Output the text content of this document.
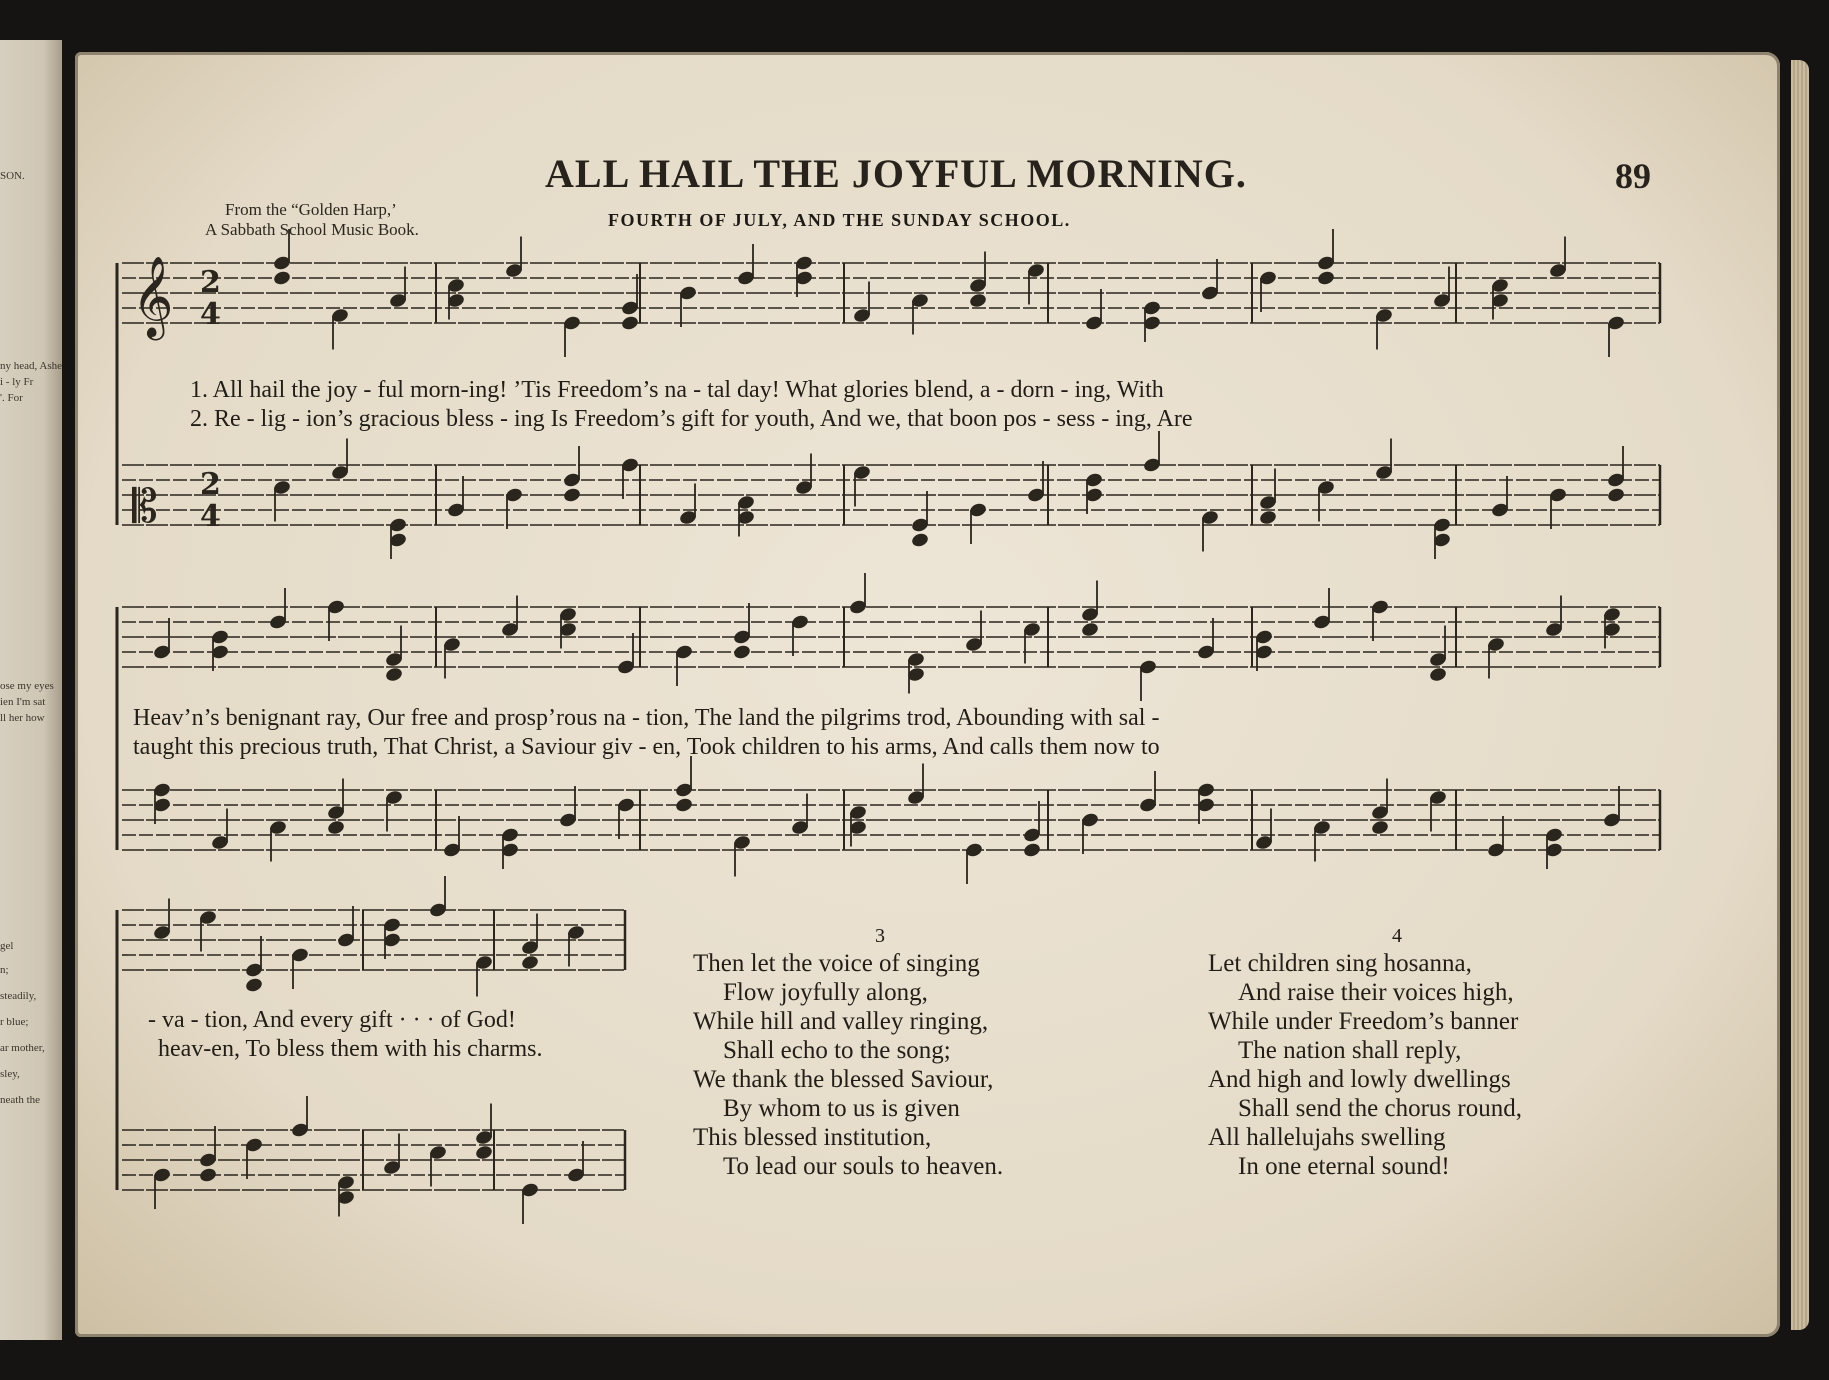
SON.
ny head, Ashe
i - ly Fr
'. For
ose my eyes
ien I'm sat
ll her how
gel
n;
steadily,
r blue;
ar mother,
sley,
neath the
ALL HAIL THE JOYFUL MORNING.	89
From the “Golden Harp,’
A Sabbath School Music Book.	FOURTH OF JULY, AND THE SUNDAY SCHOOL.
𝄞
𝄡
2
4
2
4
1. All hail the joy - ful morn-ing! ’Tis Freedom’s na - tal day! What glories blend, a - dorn - ing, With
2. Re - lig - ion’s gracious bless - ing Is Freedom’s gift for youth, And we, that boon pos - sess - ing, Are
Heav’n’s benignant ray, Our free and prosp’rous na - tion, The land the pilgrims trod, Abounding with sal -
taught this precious truth, That Christ, a Saviour giv - en, Took children to his arms, And calls them now to
- va - tion, And every gift · · · of God!
heav-en, To bless them with his charms.
3
Then let the voice of singing
Flow joyfully along,
While hill and valley ringing,
Shall echo to the song;
We thank the blessed Saviour,
By whom to us is given
This blessed institution,
To lead our souls to heaven.
4
Let children sing hosanna,
And raise their voices high,
While under Freedom’s banner
The nation shall reply,
And high and lowly dwellings
Shall send the chorus round,
All hallelujahs swelling
In one eternal sound!
